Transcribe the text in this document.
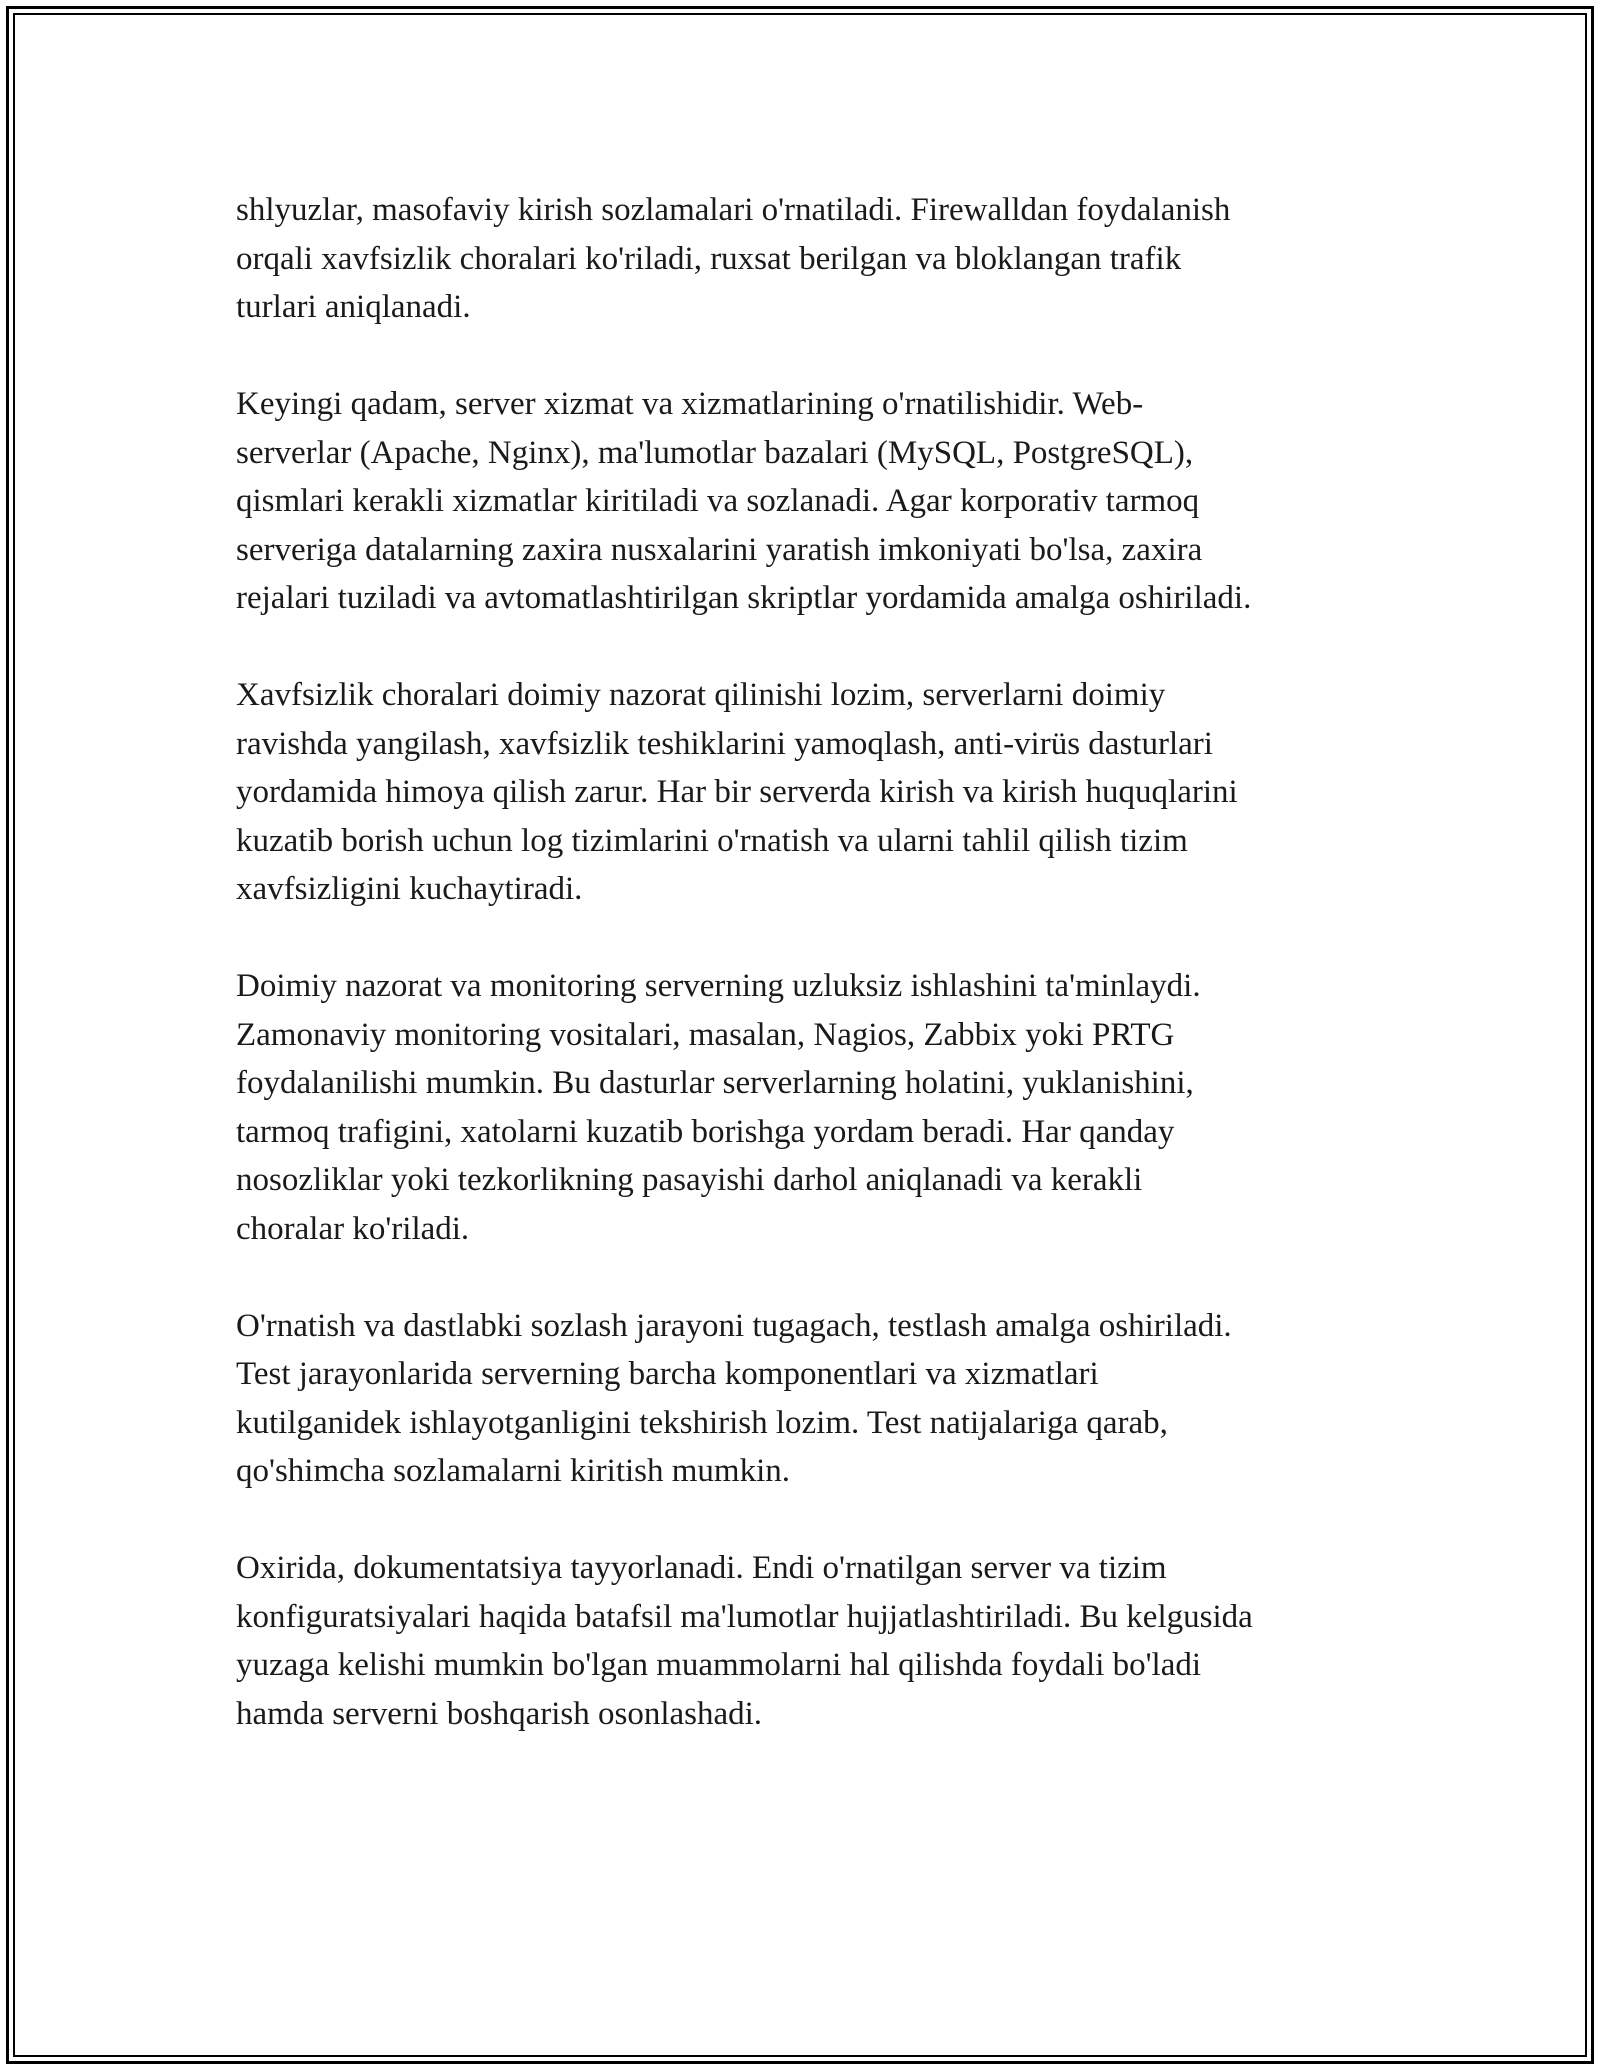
shlyuzlar, masofaviy kirish sozlamalari o'rnatiladi. Firewalldan foydalanish
orqali xavfsizlik choralari ko'riladi, ruxsat berilgan va bloklangan trafik
turlari aniqlanadi.

Keyingi qadam, server xizmat va xizmatlarining o'rnatilishidir. Web-
serverlar (Apache, Nginx), ma'lumotlar bazalari (MySQL, PostgreSQL),
qismlari kerakli xizmatlar kiritiladi va sozlanadi. Agar korporativ tarmoq
serveriga datalarning zaxira nusxalarini yaratish imkoniyati bo'lsa, zaxira
rejalari tuziladi va avtomatlashtirilgan skriptlar yordamida amalga oshiriladi.

Xavfsizlik choralari doimiy nazorat qilinishi lozim, serverlarni doimiy
ravishda yangilash, xavfsizlik teshiklarini yamoqlash, anti-virüs dasturlari
yordamida himoya qilish zarur. Har bir serverda kirish va kirish huquqlarini
kuzatib borish uchun log tizimlarini o'rnatish va ularni tahlil qilish tizim
xavfsizligini kuchaytiradi.

Doimiy nazorat va monitoring serverning uzluksiz ishlashini ta'minlaydi.
Zamonaviy monitoring vositalari, masalan, Nagios, Zabbix yoki PRTG
foydalanilishi mumkin. Bu dasturlar serverlarning holatini, yuklanishini,
tarmoq trafigini, xatolarni kuzatib borishga yordam beradi. Har qanday
nosozliklar yoki tezkorlikning pasayishi darhol aniqlanadi va kerakli
choralar ko'riladi.

O'rnatish va dastlabki sozlash jarayoni tugagach, testlash amalga oshiriladi.
Test jarayonlarida serverning barcha komponentlari va xizmatlari
kutilganidek ishlayotganligini tekshirish lozim. Test natijalariga qarab,
qo'shimcha sozlamalarni kiritish mumkin.

Oxirida, dokumentatsiya tayyorlanadi. Endi o'rnatilgan server va tizim
konfiguratsiyalari haqida batafsil ma'lumotlar hujjatlashtiriladi. Bu kelgusida
yuzaga kelishi mumkin bo'lgan muammolarni hal qilishda foydali bo'ladi
hamda serverni boshqarish osonlashadi.
